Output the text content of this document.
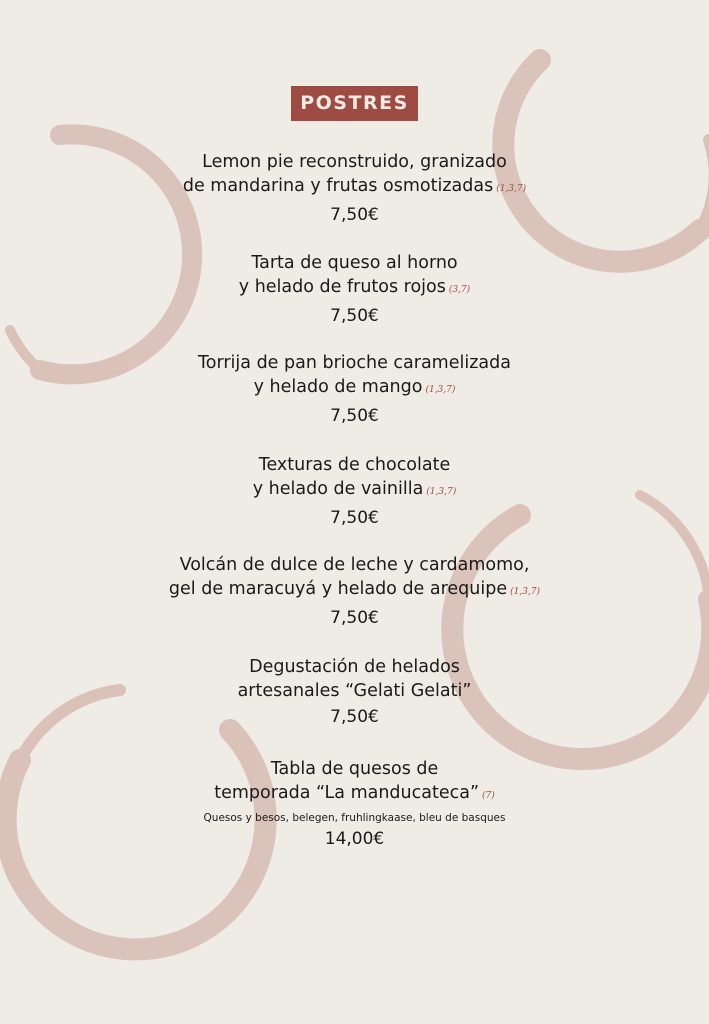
POSTRES
Lemon pie reconstruido, granizado
de mandarina y frutas osmotizadas (1,3,7)
7,50€
Tarta de queso al horno
y helado de frutos rojos (3,7)
7,50€
Torrija de pan brioche caramelizada
y helado de mango (1,3,7)
7,50€
Texturas de chocolate
y helado de vainilla (1,3,7)
7,50€
Volcán de dulce de leche y cardamomo,
gel de maracuyá y helado de arequipe (1,3,7)
7,50€
Degustación de helados
artesanales “Gelati Gelati”
7,50€
Tabla de quesos de
temporada “La manducateca” (7)
Quesos y besos, belegen, fruhlingkaase, bleu de basques
14,00€
